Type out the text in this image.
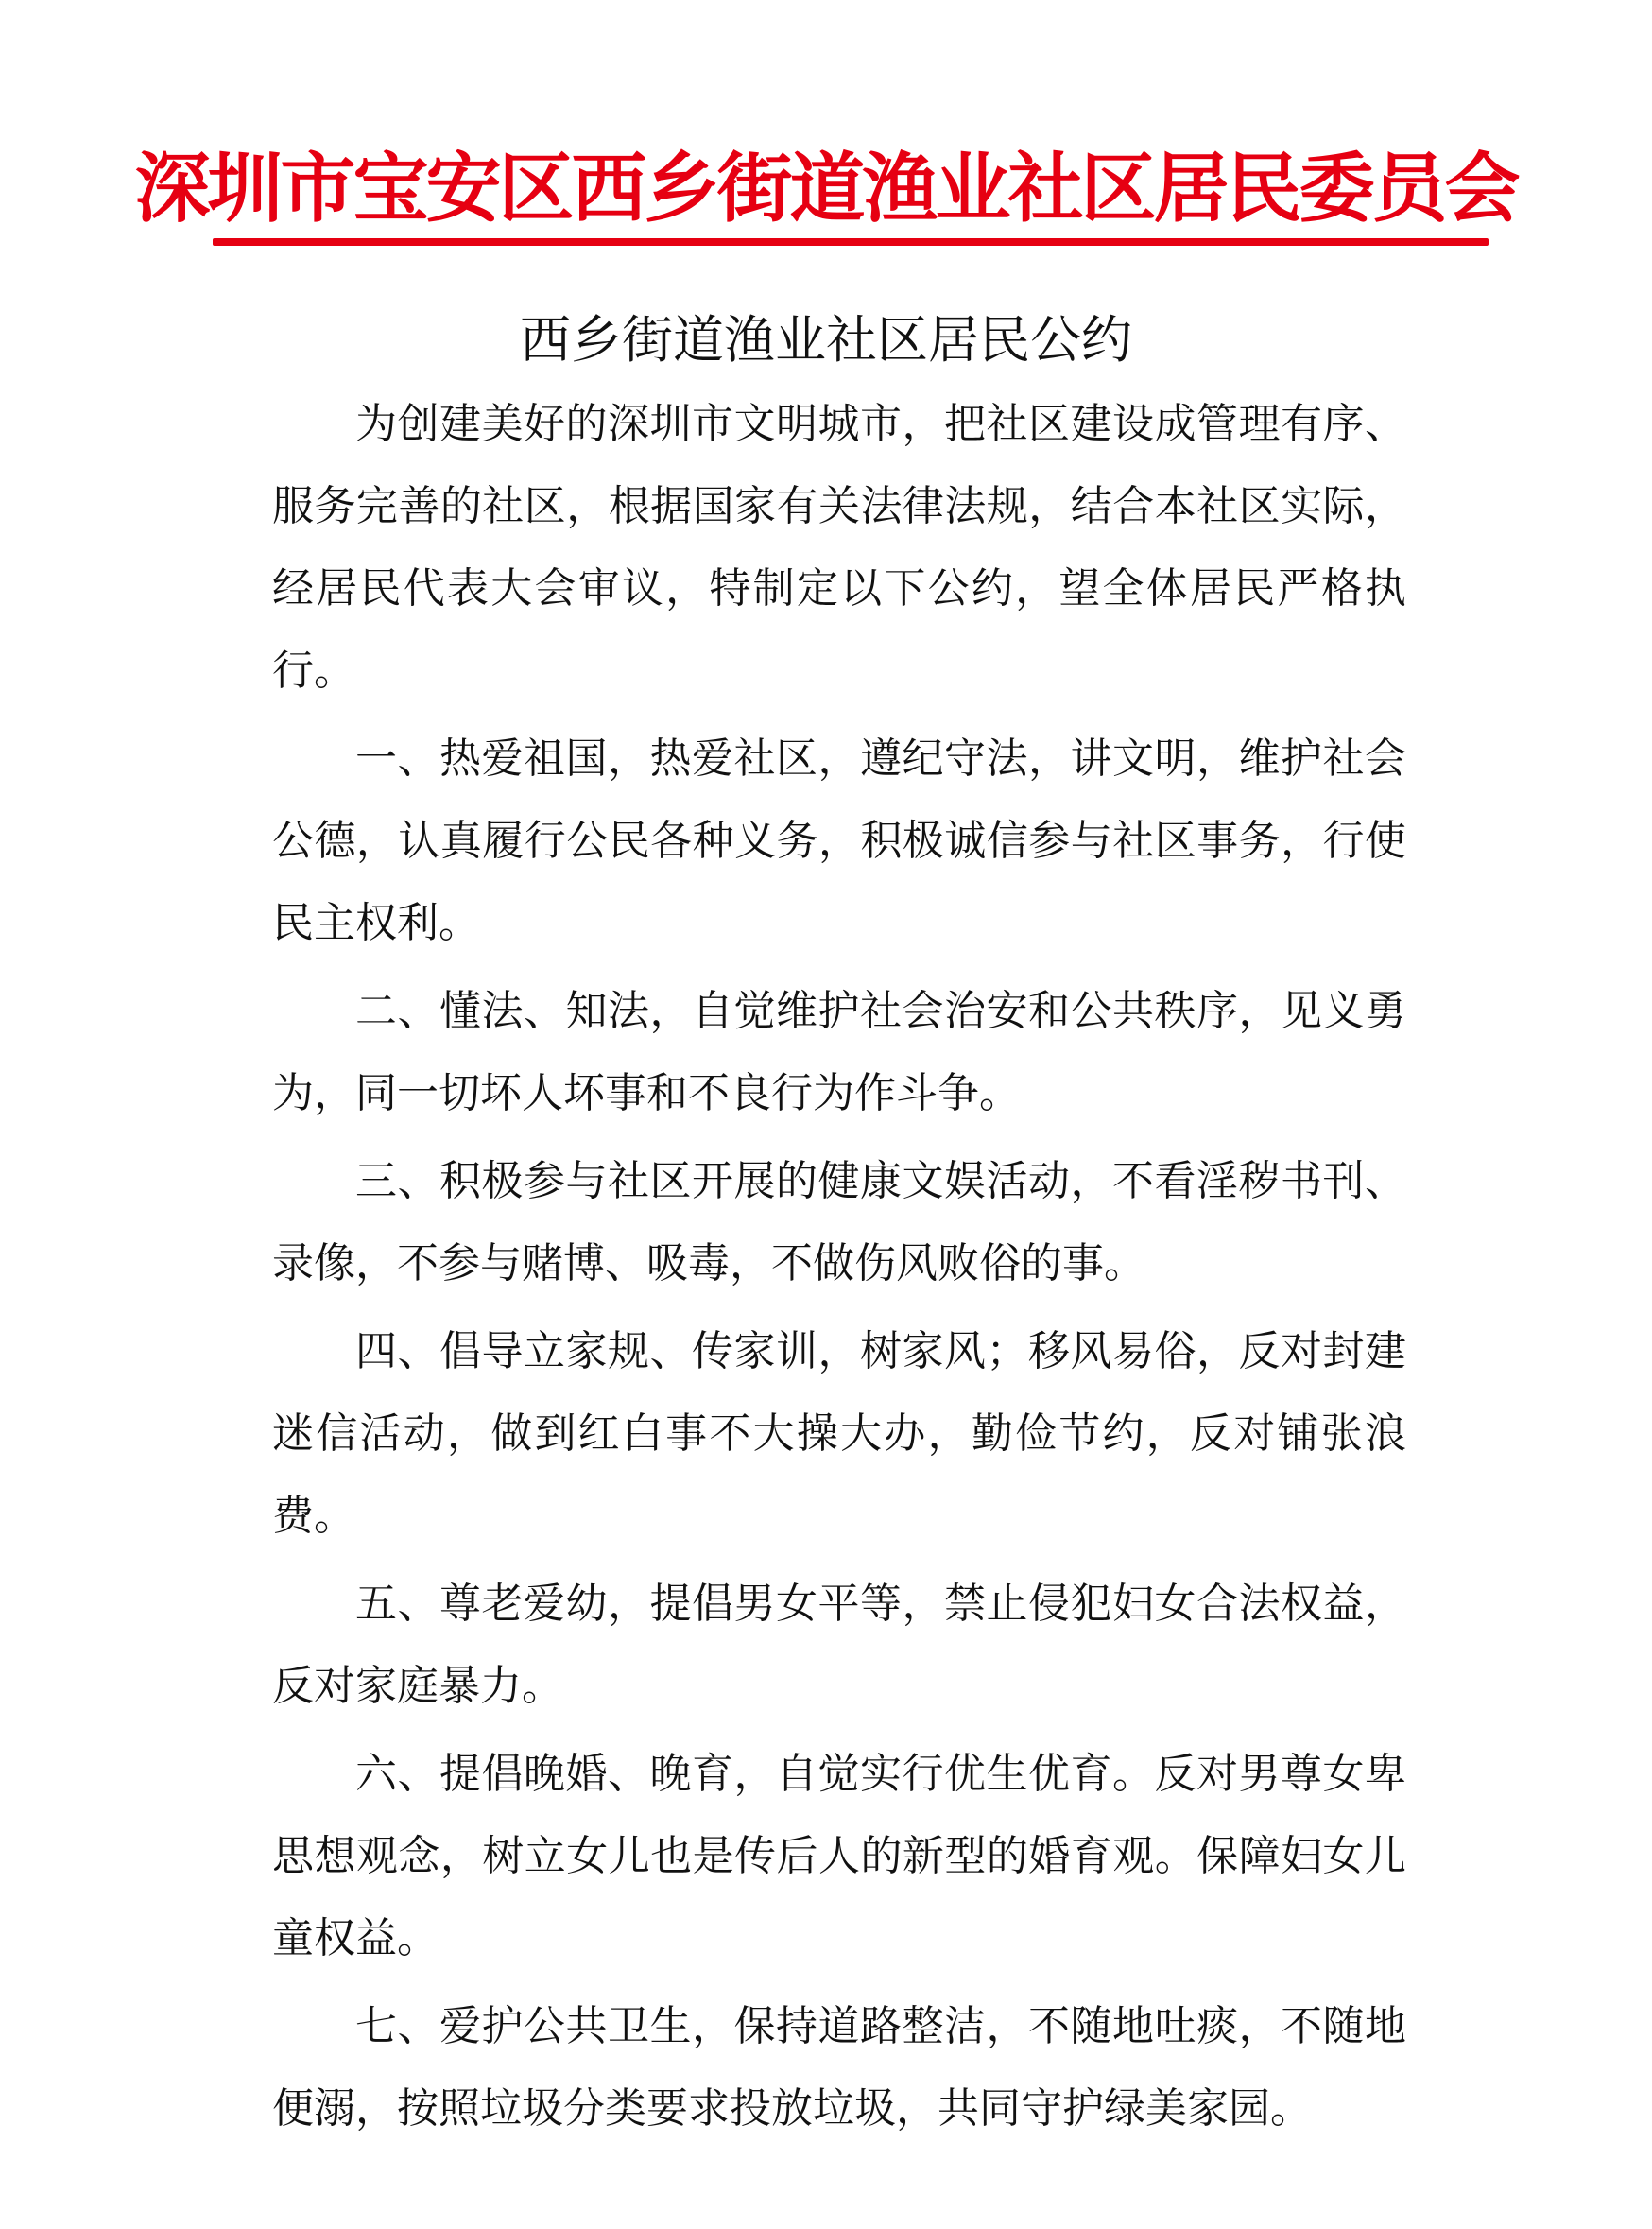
深圳市宝安区西乡街道渔业社区居民委员会
西乡街道渔业社区居民公约

为创建美好的深圳市文明城市，把社区建设成管理有序、服务完善的社区，根据国家有关法律法规，结合本社区实际，经居民代表大会审议，特制定以下公约，望全体居民严格执行。

一、热爱祖国，热爱社区，遵纪守法，讲文明，维护社会公德，认真履行公民各种义务，积极诚信参与社区事务，行使民主权利。

二、懂法、知法，自觉维护社会治安和公共秩序，见义勇为，同一切坏人坏事和不良行为作斗争。

三、积极参与社区开展的健康文娱活动，不看淫秽书刊、录像，不参与赌博、吸毒，不做伤风败俗的事。

四、倡导立家规、传家训，树家风；移风易俗，反对封建迷信活动，做到红白事不大操大办，勤俭节约，反对铺张浪费。

五、尊老爱幼，提倡男女平等，禁止侵犯妇女合法权益，反对家庭暴力。

六、提倡晚婚、晚育，自觉实行优生优育。反对男尊女卑思想观念，树立女儿也是传后人的新型的婚育观。保障妇女儿童权益。

七、爱护公共卫生，保持道路整洁，不随地吐痰，不随地便溺，按照垃圾分类要求投放垃圾，共同守护绿美家园。
